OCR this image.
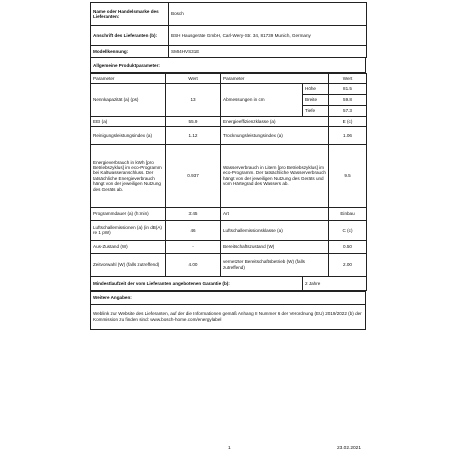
Name oder Handelsmarke des Lieferanten:	Bosch
Anschrift des Lieferanten (b):	BSH Hausgeräte GmbH, Carl-Wery-Str. 34, 81739 Munich, Germany
Modellkennung:	SMI4HVS31E
Allgemeine Produktparameter:
Parameter	Wert	Parameter		Wert
Nennkapazität (a) (ps)	13	Abmessungen in cm	Höhe	81.5
			Breite	59.8
			Tiefe	57.3
EEI (a)	55.9	Energieeffizienzklasse (a)		E (c)
Reinigungsleistungsindex (a)	1.12	Trocknungsleistungsindex (a)		1.06
Energieverbrauch in kWh [pro Betriebszyklus] im eco-Programm bei Kaltwasseranschluss. Der tatsächliche Energieverbrauch hängt von der jeweiligen Nutzung des Geräts ab.	0.937	Wasserverbrauch in Litern [pro Betriebszyklus] im eco-Programm. Der tatsächliche Wasserverbrauch hängt von der jeweiligen Nutzung des Geräts und vom Härtegrad des Wassers ab.		9.5
Programmdauer (a) (h:min)	3:45	Art		Einbau
Luftschallemissionen (a) (in dB(A) re 1 pW)	46	Luftschallemissionsklasse (a)		C (c)
Aus-Zustand (W)	-	Bereitschaftszustand (W)		0.50
Zeitvorwahl (W) (falls zutreffend)	4.00	vernetzter Bereitschaftsbetrieb (W) (falls zutreffend)		2.00
Mindestlaufzeit der vom Lieferanten angebotenen Garantie (b):	2 Jahre
Weitere Angaben:
Weblink zur Website des Lieferanten, auf der die Informationen gemäß Anhang II Nummer 6 der Verordnung (EU) 2019/2022 (b) der Kommission zu finden sind: www.bosch-home.com/energylabel
1	23.02.2021
